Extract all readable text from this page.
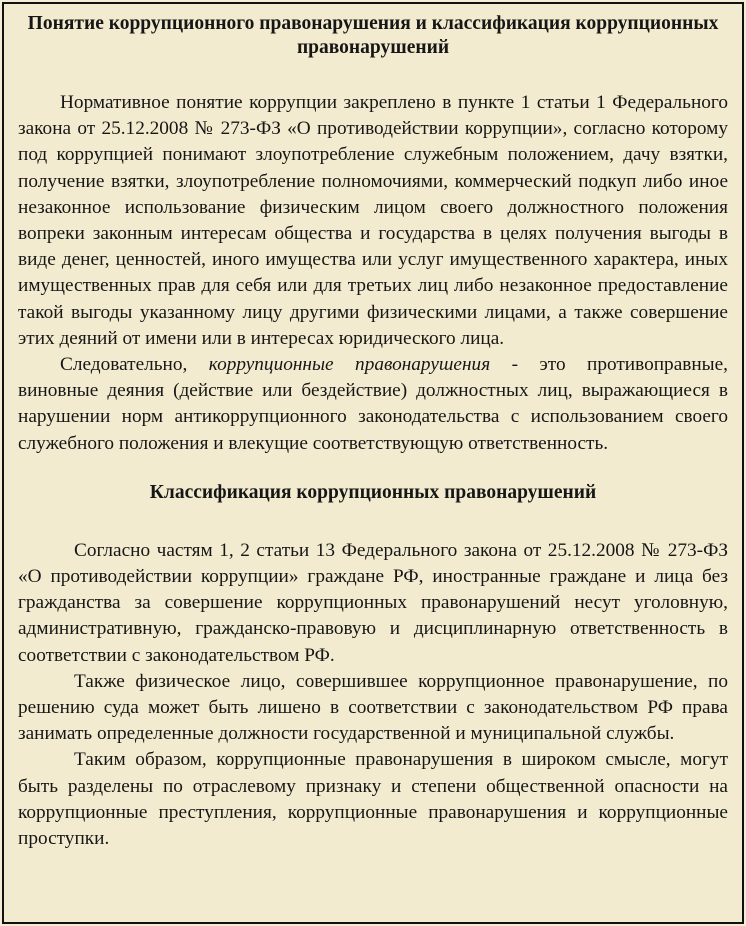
Понятие коррупционного правонарушения и классификация коррупционных правонарушений

Нормативное понятие коррупции закреплено в пункте 1 статьи 1 Федерального закона от 25.12.2008 № 273-ФЗ «О противодействии коррупции», согласно которому под коррупцией понимают злоупотребление служебным положением, дачу взятки, получение взятки, злоупотребление полномочиями, коммерческий подкуп либо иное незаконное использование физическим лицом своего должностного положения вопреки законным интересам общества и государства в целях получения выгоды в виде денег, ценностей, иного имущества или услуг имущественного характера, иных имущественных прав для себя или для третьих лиц либо незаконное предоставление такой выгоды указанному лицу другими физическими лицами, а также совершение этих деяний от имени или в интересах юридического лица.

Следовательно, коррупционные правонарушения - это противоправные, виновные деяния (действие или бездействие) должностных лиц, выражающиеся в нарушении норм антикоррупционного законодательства с использованием своего служебного положения и влекущие соответствующую ответственность.

Классификация коррупционных правонарушений

Согласно частям 1, 2 статьи 13 Федерального закона от 25.12.2008 № 273-ФЗ «О противодействии коррупции» граждане РФ, иностранные граждане и лица без гражданства за совершение коррупционных правонарушений несут уголовную, административную, гражданско-правовую и дисциплинарную ответственность в соответствии с законодательством РФ.

Также физическое лицо, совершившее коррупционное правонарушение, по решению суда может быть лишено в соответствии с законодательством РФ права занимать определенные должности государственной и муниципальной службы.

Таким образом, коррупционные правонарушения в широком смысле, могут быть разделены по отраслевому признаку и степени общественной опасности на коррупционные преступления, коррупционные правонарушения и коррупционные проступки.
